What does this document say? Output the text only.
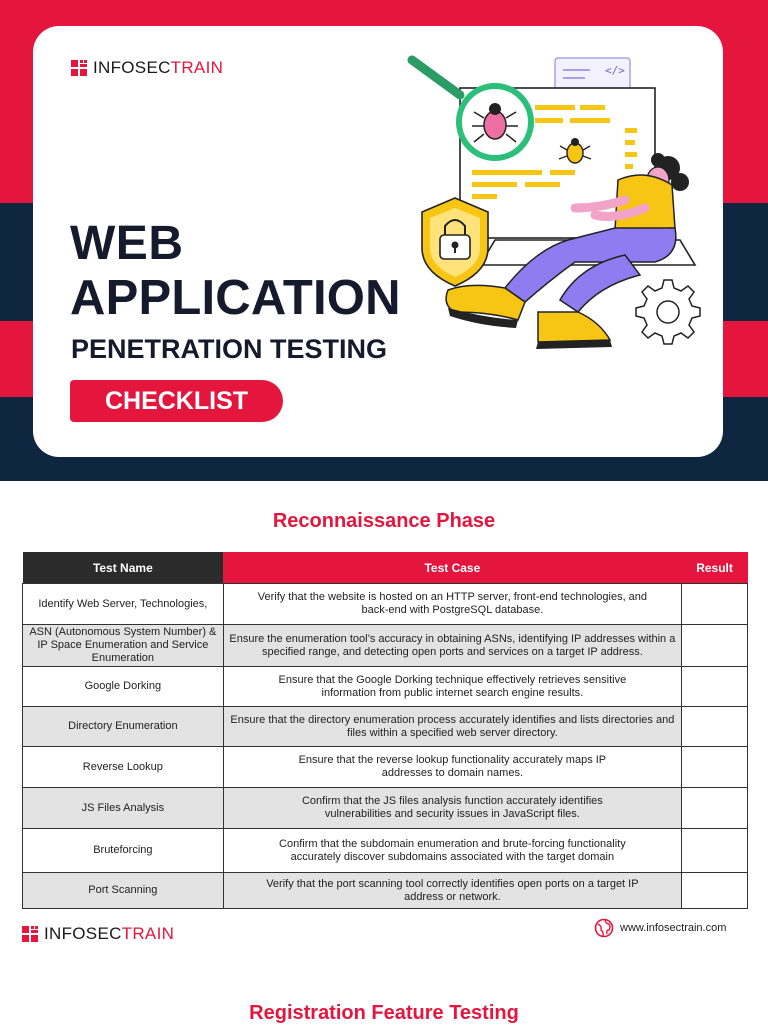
INFOSECTRAIN
WEB
APPLICATION
PENETRATION TESTING
CHECKLIST
</>
Reconnaissance Phase
Test Name	Test Case	Result
Identify Web Server, Technologies,	Verify that the website is hosted on an HTTP server, front-end technologies, and back-end with PostgreSQL database.	
ASN (Autonomous System Number) & IP Space Enumeration and Service Enumeration	Ensure the enumeration tool’s accuracy in obtaining ASNs, identifying IP addresses within a specified range, and detecting open ports and services on a target IP address.	
Google Dorking	Ensure that the Google Dorking technique effectively retrieves sensitive information from public internet search engine results.	
Directory Enumeration	Ensure that the directory enumeration process accurately identifies and lists directories and files within a specified web server directory.	
Reverse Lookup	Ensure that the reverse lookup functionality accurately maps IP addresses to domain names.	
JS Files Analysis	Confirm that the JS files analysis function accurately identifies vulnerabilities and security issues in JavaScript files.	
Bruteforcing	Confirm that the subdomain enumeration and brute-forcing functionality accurately discover subdomains associated with the target domain	
Port Scanning	Verify that the port scanning tool correctly identifies open ports on a target IP address or network.	
INFOSECTRAIN	www.infosectrain.com
Registration Feature Testing
